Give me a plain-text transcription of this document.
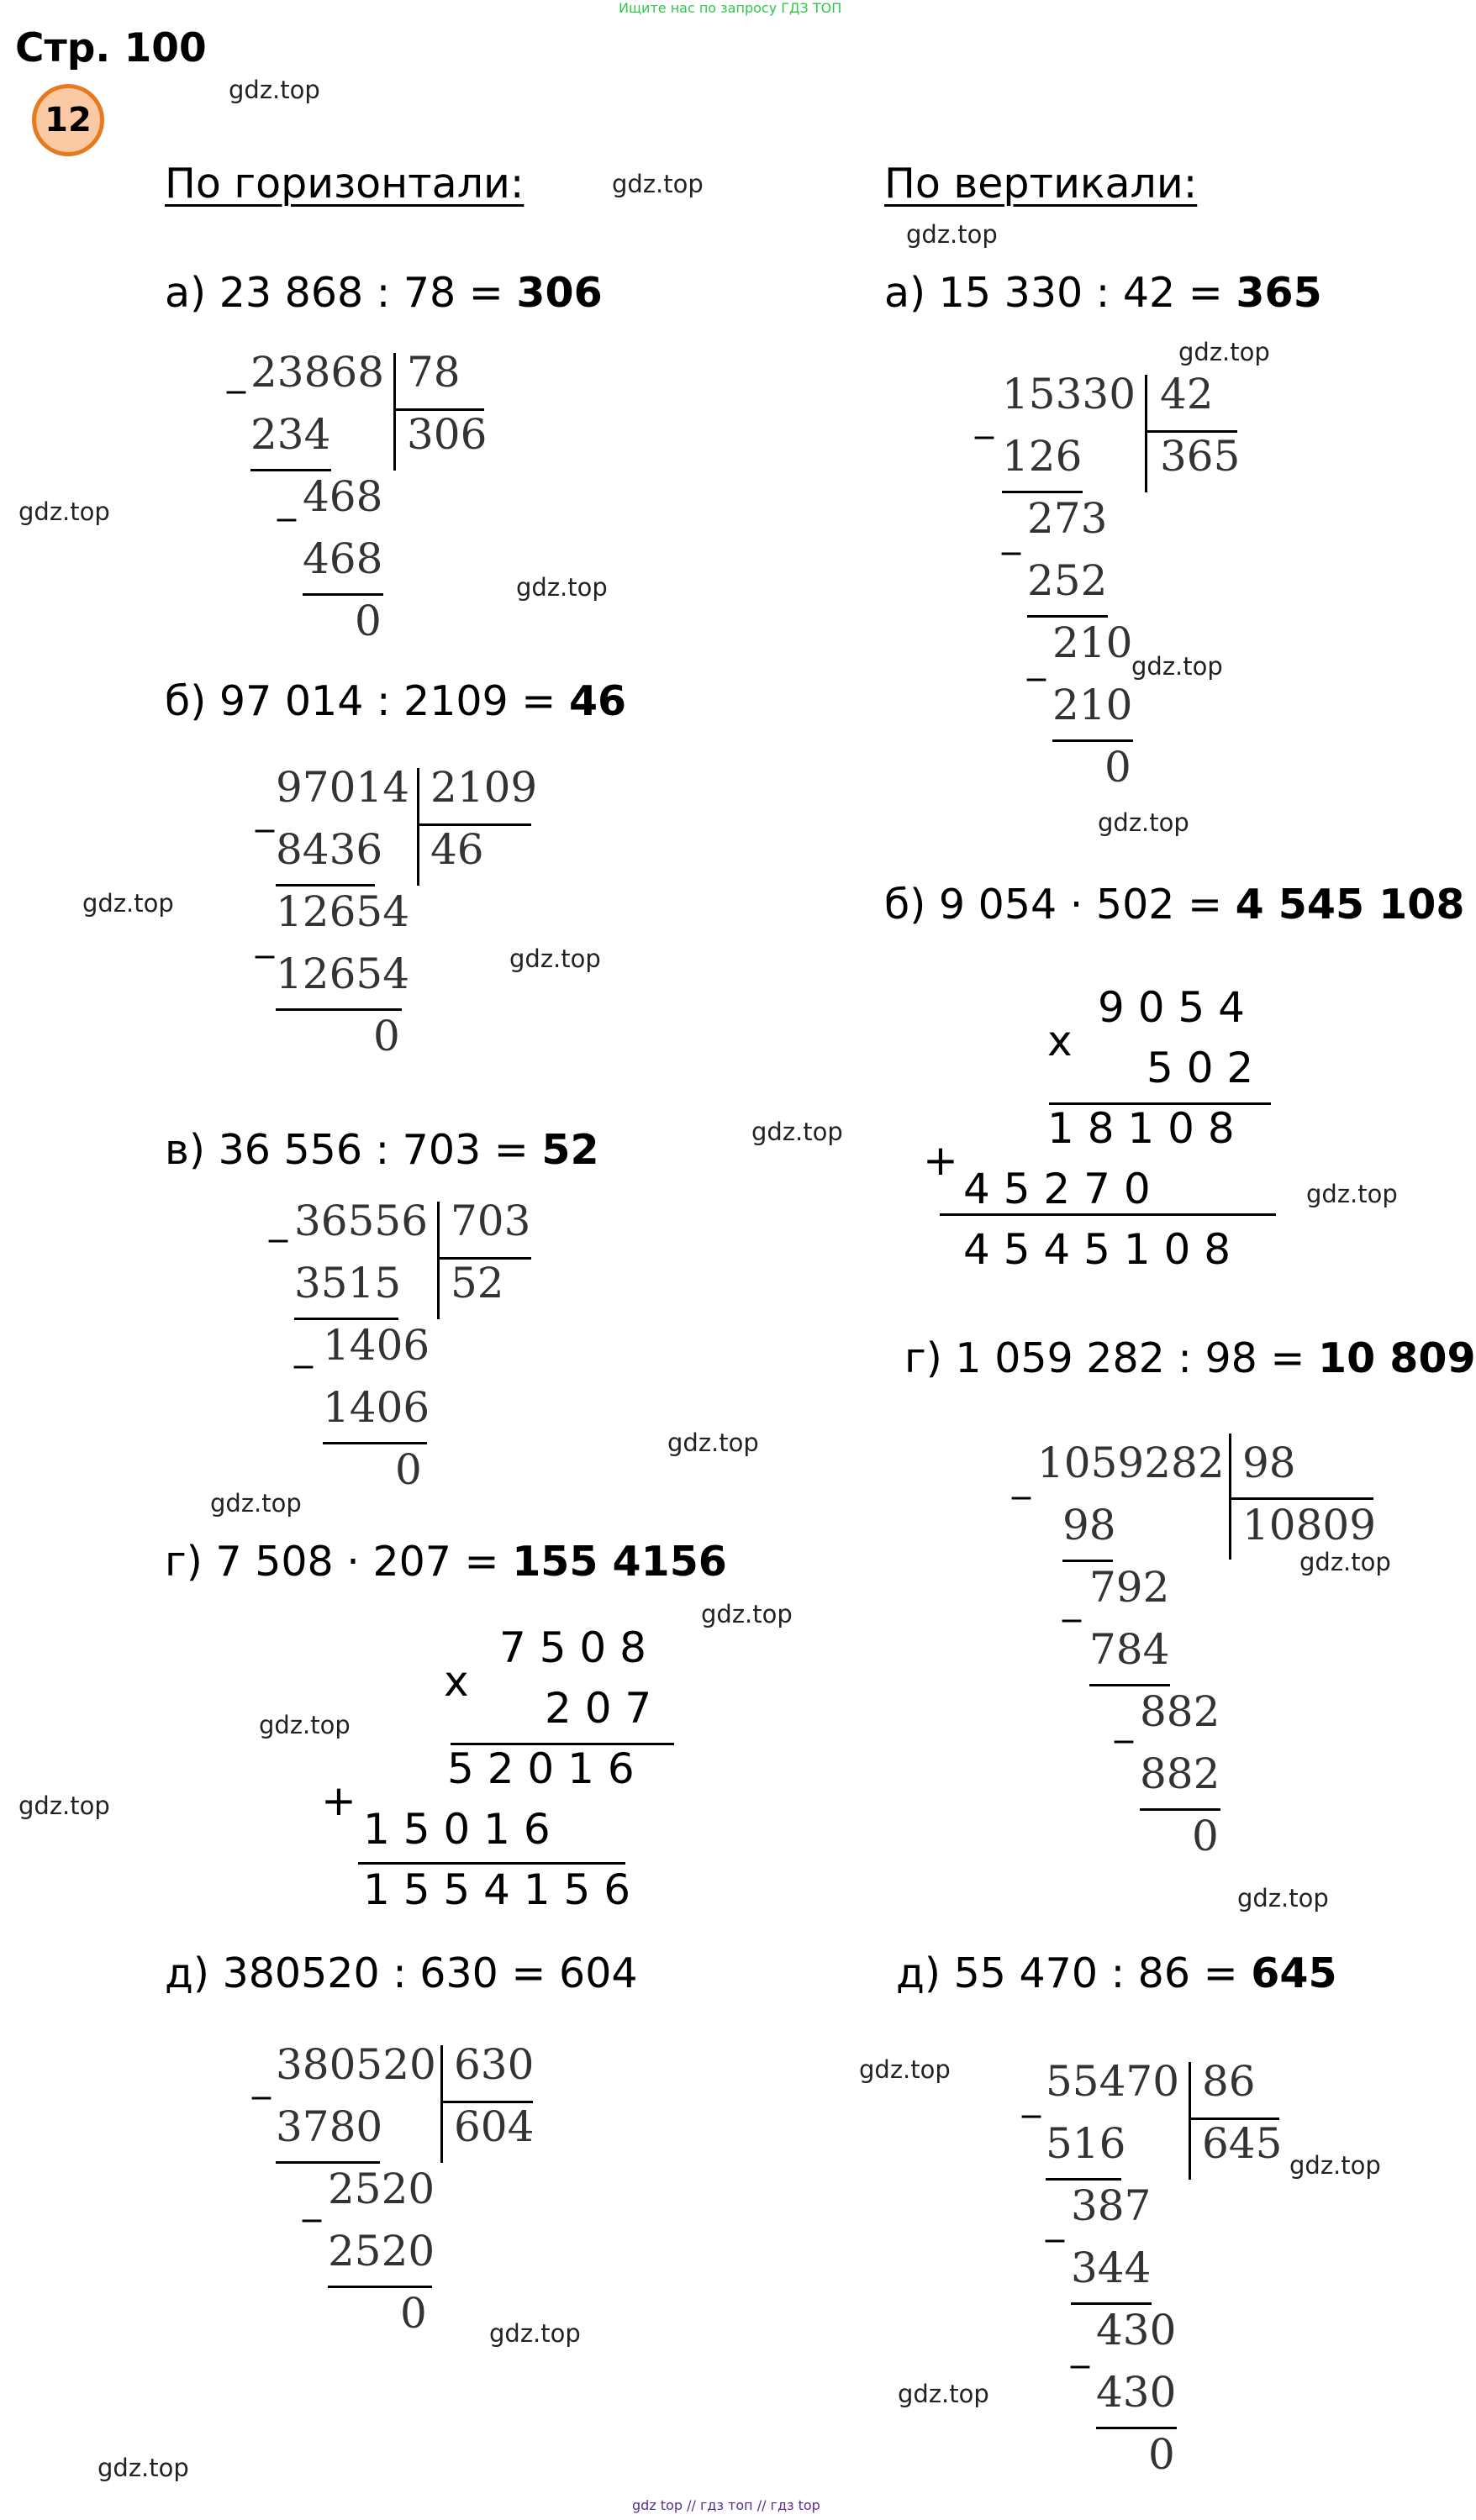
Ищите нас по запросу ГДЗ ТОП
Стр. 100
12
gdz.top
gdz.top
gdz.top
gdz.top
gdz.top
gdz.top
gdz.top
gdz.top
gdz.top
gdz.top
gdz.top
gdz.top
gdz.top
gdz.top
gdz.top
gdz.top
gdz.top
gdz.top
gdz.top
gdz.top
gdz.top
gdz.top
gdz.top
gdz.top
По горизонтали:
а) 23 868 : 78 = 306
_ 23868 78
306
234
_ 468
468
0
б) 97 014 : 2109 = 46
_ 97014 2109
46
8436
_
12654
12654
0
в) 36 556 : 703 = 52
_ 36556 703
52
3515
_ 1406
1406
0
г) 7 508 · 207 = 155 4156
x
7 5 0 8
2 0 7
5 2 0 1 6
+
1 5 0 1 6
1 5 5 4 1 5 6
д) 380520 : 630 = 604
_ 380520 630
604
3780
_ 2520
2520
0
По вертикали:
а) 15 330 : 42 = 365
_ 15330 42
365
126
_ 273
252
_ 210
210
0
б) 9 054 · 502 = 4 545 108
x
9 0 5 4
5 0 2
1 8 1 0 8
+
4 5 2 7 0
4 5 4 5 1 0 8
г) 1 059 282 : 98 = 10 809
_ 1059282 98
10809
98
_ 792
784
_ 882
882
0
д) 55 470 : 86 = 645
_ 55470 86
645
516
_ 387
344
_ 430
430
0
gdz top // гдз топ // гдз top
